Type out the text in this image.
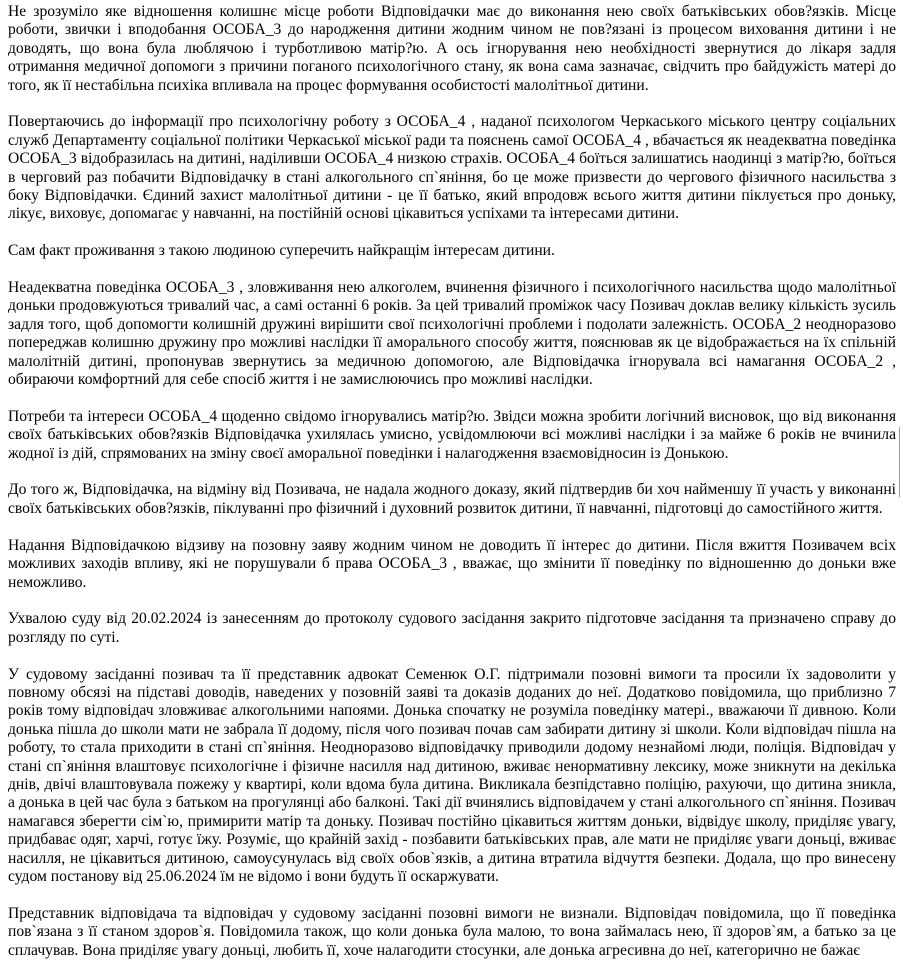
Не зрозуміло яке відношення колишнє місце роботи Відповідачки має до виконання нею своїх батьківських обов?язків. Місце роботи, звички і вподобання ОСОБА_3 до народження дитини жодним чином не пов?язані із процесом виховання дитини і не доводять, що вона була люблячою і турботливою матір?ю. А ось ігнорування нею необхідності звернутися до лікаря задля отримання медичної допомоги з причини поганого психологічного стану, як вона сама зазначає, свідчить про байдужість матері до того, як її нестабільна психіка впливала на процес формування особистості малолітньої дитини.

Повертаючись до інформації про психологічну роботу з ОСОБА_4 , наданої психологом Черкаського міського центру соціальних служб Департаменту соціальної політики Черкаської міської ради та пояснень самої ОСОБА_4 , вбачається як неадекватна поведінка ОСОБА_3 відобразилась на дитині, наділивши ОСОБА_4 низкою страхів. ОСОБА_4 боїться залишатись наодинці з матір?ю, боїться в черговий раз побачити Відповідачку в стані алкогольного сп`яніння, бо це може призвести до чергового фізичного насильства з боку Відповідачки. Єдиний захист малолітньої дитини - це її батько, який впродовж всього життя дитини піклується про доньку, лікує, виховує, допомагає у навчанні, на постійній основі цікавиться успіхами та інтересами дитини.

Сам факт проживання з такою людиною суперечить найкращім інтересам дитини.

Неадекватна поведінка ОСОБА_3 , зловживання нею алкоголем, вчинення фізичного і психологічного насильства щодо малолітньої доньки продовжуються тривалий час, а самі останні 6 років. За цей тривалий проміжок часу Позивач доклав велику кількість зусиль задля того, щоб допомогти колишній дружині вирішити свої психологічні проблеми і подолати залежність. ОСОБА_2 неодноразово попереджав колишню дружину про можливі наслідки її аморального способу життя, пояснював як це відображається на їх спільній малолітній дитині, пропонував звернутись за медичною допомогою, але Відповідачка ігнорувала всі намагання ОСОБА_2 , обираючи комфортний для себе спосіб життя і не замислюючись про можливі наслідки.

Потреби та інтереси ОСОБА_4 щоденно свідомо ігнорувались матір?ю. Звідси можна зробити логічний висновок, що від виконання своїх батьківських обов?язків Відповідачка ухилялась умисно, усвідомлюючи всі можливі наслідки і за майже 6 років не вчинила жодної із дій, спрямованих на зміну своєї аморальної поведінки і налагодження взаємовідносин із Донькою.

До того ж, Відповідачка, на відміну від Позивача, не надала жодного доказу, який підтвердив би хоч найменшу її участь у виконанні своїх батьківських обов?язків, піклуванні про фізичний і духовний розвиток дитини, її навчанні, підготовці до самостійного життя.

Надання Відповідачкою відзиву на позовну заяву жодним чином не доводить її інтерес до дитини. Після вжиття Позивачем всіх можливих заходів впливу, які не порушували б права ОСОБА_3 , вважає, що змінити її поведінку по відношенню до доньки вже неможливо.

Ухвалою суду від 20.02.2024 із занесенням до протоколу судового засідання закрито підготовче засідання та призначено справу до розгляду по суті.

У судовому засіданні позивач та її представник адвокат Семенюк О.Г. підтримали позовні вимоги та просили їх задоволити у повному обсязі на підставі доводів, наведених у позовній заяві та доказів доданих до неї. Додатково повідомила, що приблизно 7 років тому відповідач зловживає алкогольними напоями. Донька спочатку не розуміла поведінку матері., вважаючи її дивною. Коли донька пішла до школи мати не забрала її додому, після чого позивач почав сам забирати дитину зі школи. Коли відповідач пішла на роботу, то стала приходити в стані сп`яніння. Неодноразово відповідачку приводили додому незнайомі люди, поліція. Відповідач у стані сп`яніння влаштовує психологічне і фізичне насилля над дитиною, вживає ненормативну лексику, може зникнути на декілька днів, двічі влаштовувала пожежу у квартирі, коли вдома була дитина. Викликала безпідставно поліцію, рахуючи, що дитина зникла, а донька в цей час була з батьком на прогулянці або балконі. Такі дії вчинялись відповідачем у стані алкогольного сп`яніння. Позивач намагався зберегти сім`ю, примирити матір та доньку. Позивач постійно цікавиться життям доньки, відвідує школу, приділяє увагу, придбаває одяг, харчі, готує їжу. Розуміє, що крайній захід - позбавити батьківських прав, але мати не приділяє уваги доньці, вживає насилля, не цікавиться дитиною, самоусунулась від своїх обов`язків, а дитина втратила відчуття безпеки. Додала, що про винесену судом постанову від 25.06.2024 їм не відомо і вони будуть її оскаржувати.

Представник відповідача та відповідач у судовому засіданні позовні вимоги не визнали. Відповідач повідомила, що її поведінка пов`язана з її станом здоров`я. Повідомила також, що коли донька була малою, то вона займалась нею, її здоров`ям, а батько за це сплачував. Вона приділяє увагу доньці, любить її, хоче налагодити стосунки, але донька агресивна до неї, категорично не бажає
